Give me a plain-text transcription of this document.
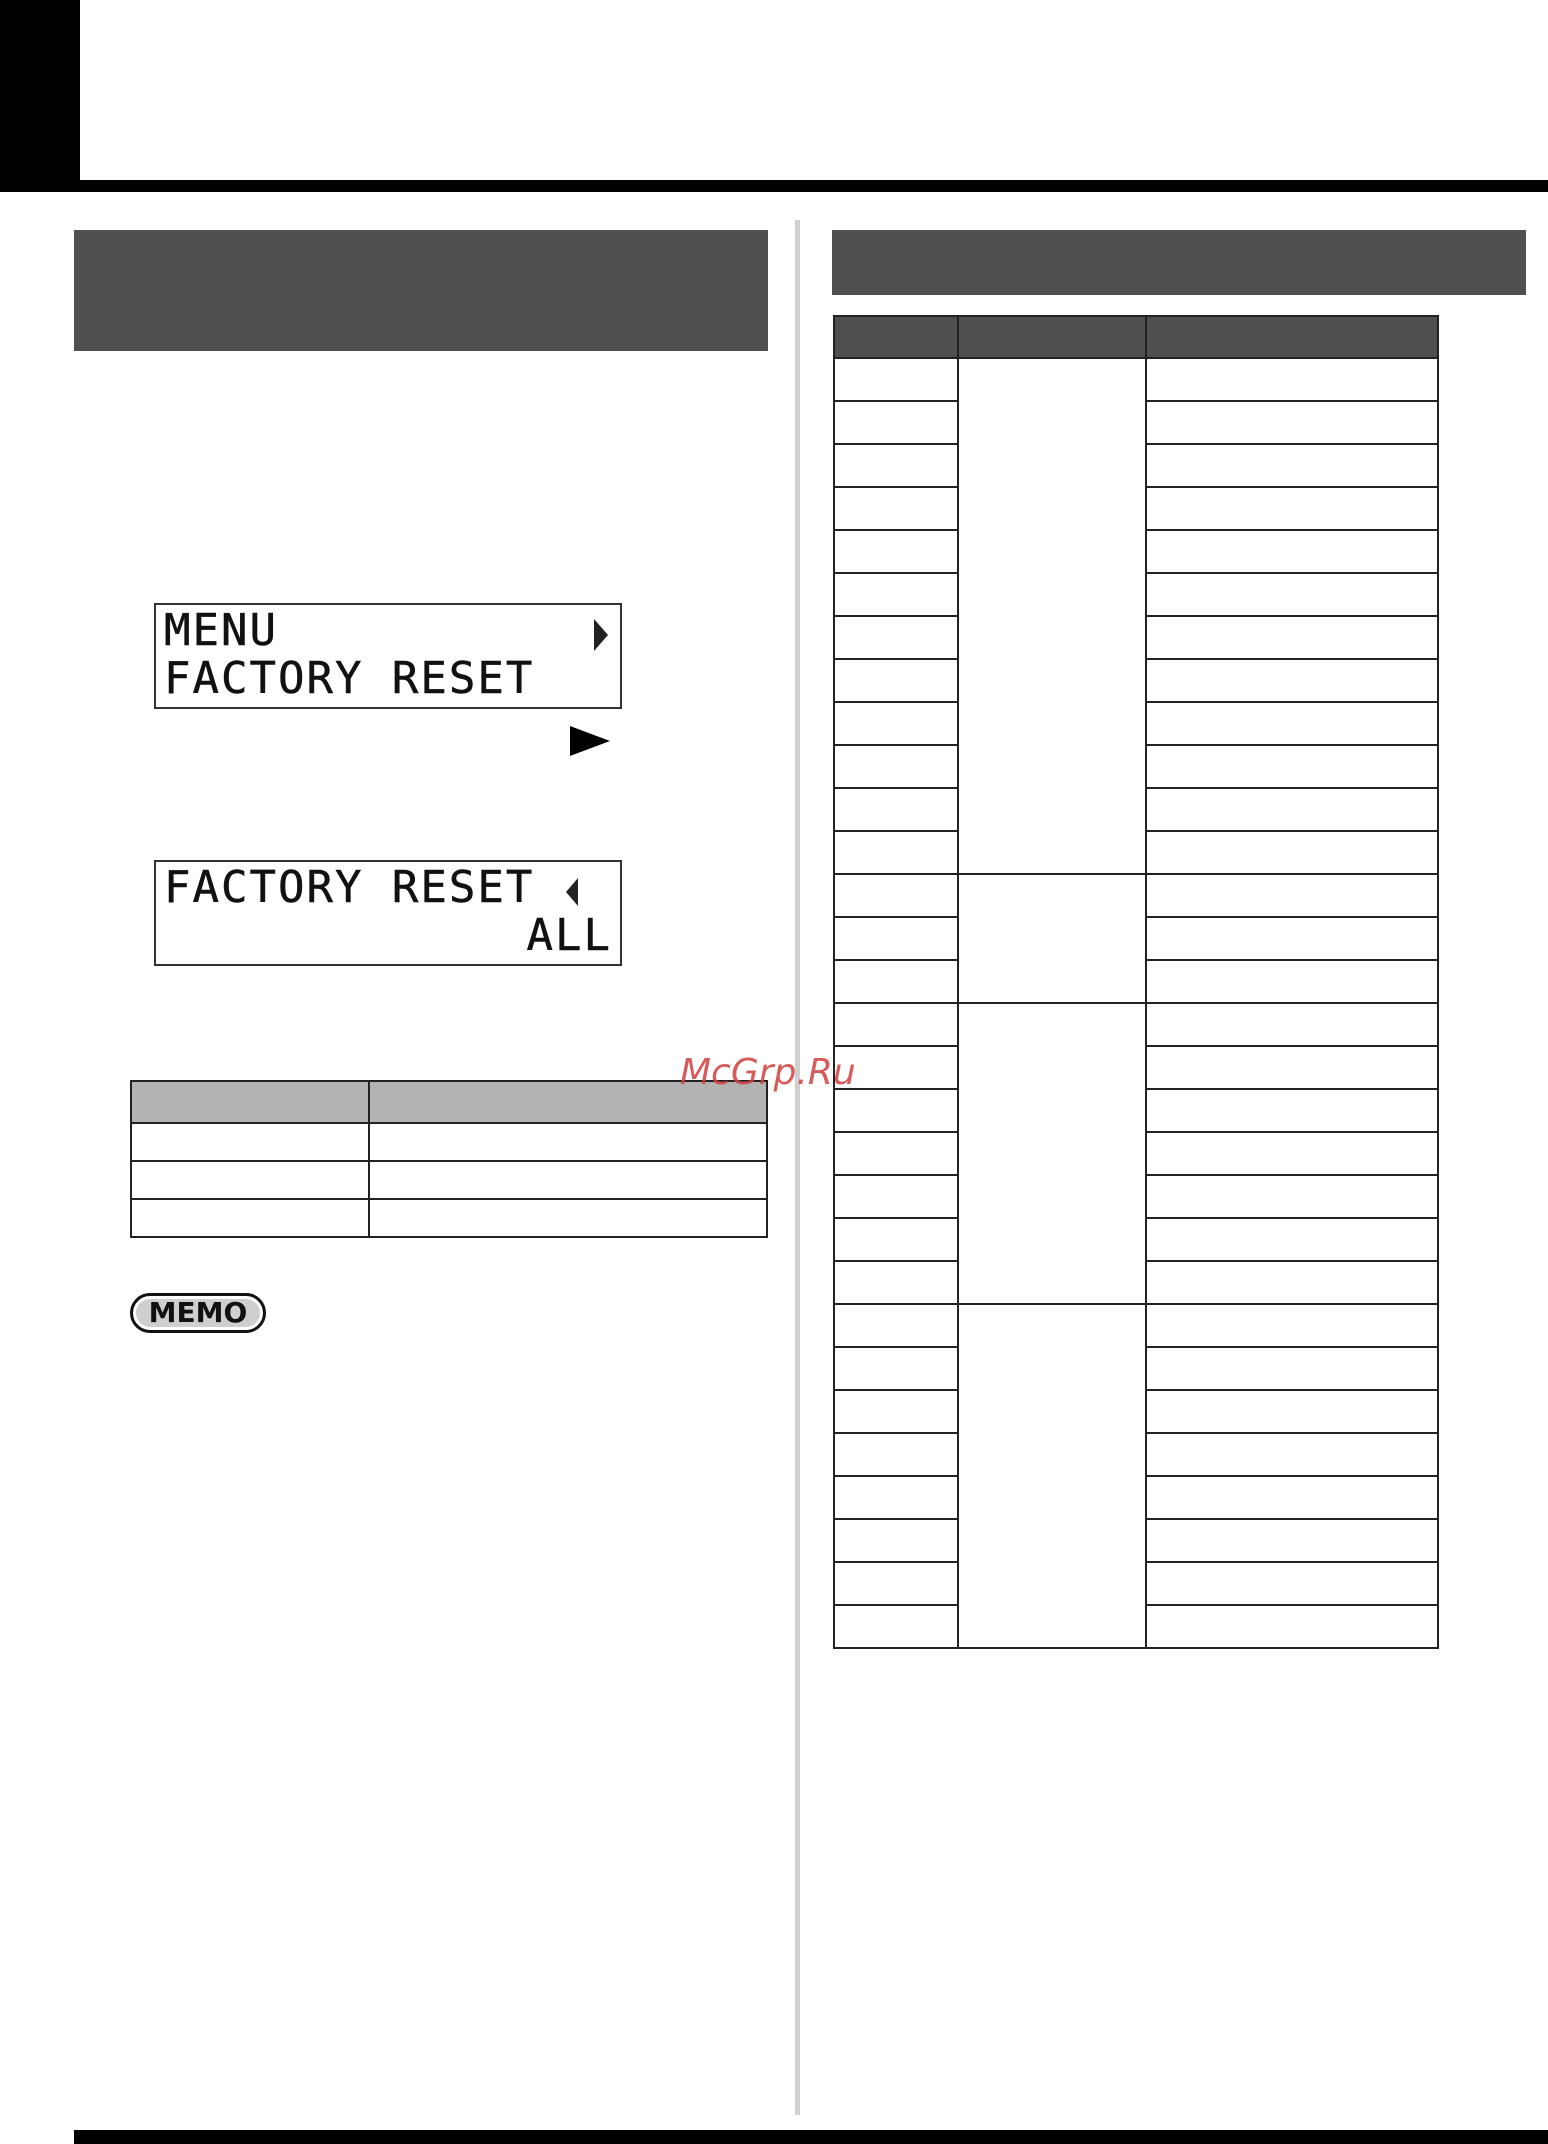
MENU
FACTORY RESET
FACTORY RESET
ALL

MEMO
McGrp.Ru
